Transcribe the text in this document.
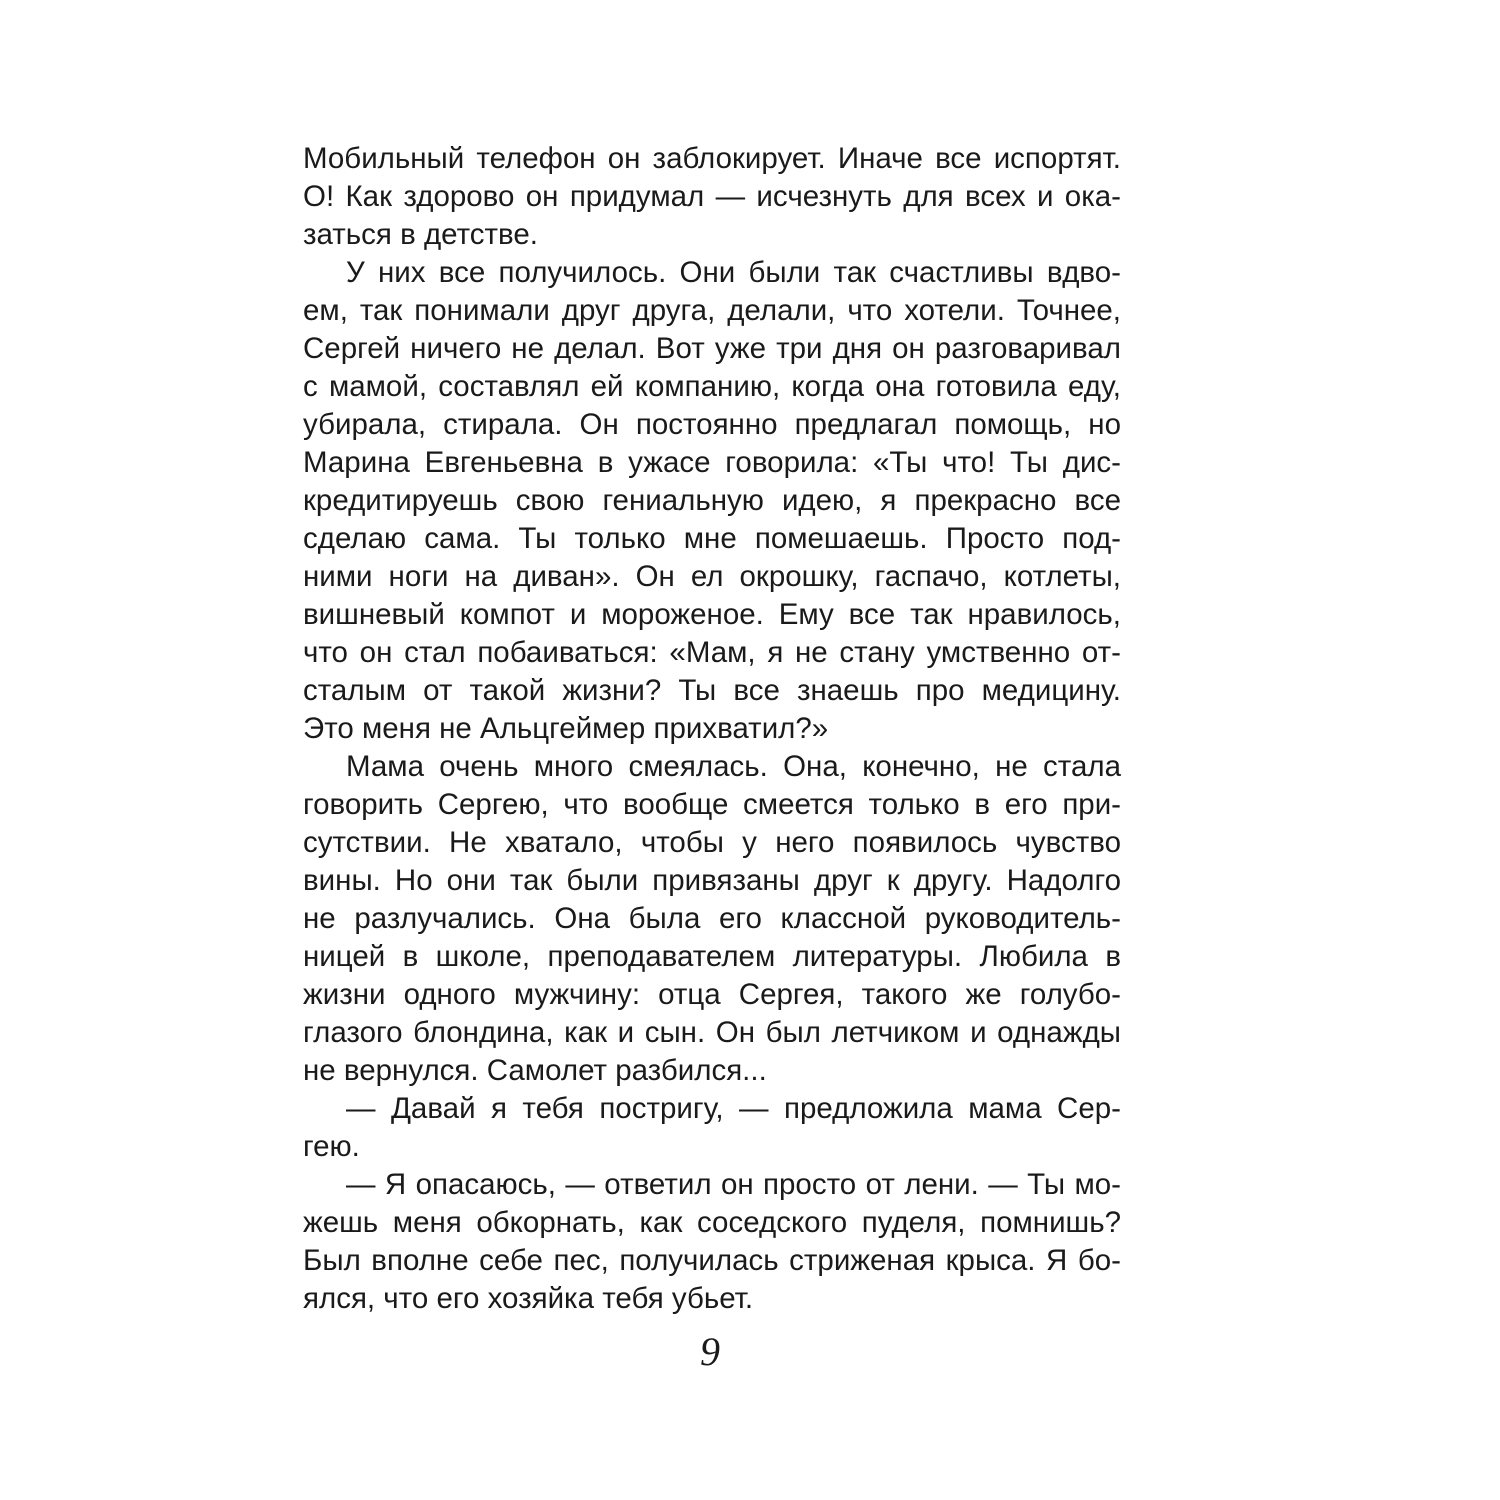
Мобильный телефон он заблокирует. Иначе все испортят.
О! Как здорово он придумал — исчезнуть для всех и ока-
заться в детстве.
У них все получилось. Они были так счастливы вдво-
ем, так понимали друг друга, делали, что хотели. Точнее,
Сергей ничего не делал. Вот уже три дня он разговаривал
с мамой, составлял ей компанию, когда она готовила еду,
убирала, стирала. Он постоянно предлагал помощь, но
Марина Евгеньевна в ужасе говорила: «Ты что! Ты дис-
кредитируешь свою гениальную идею, я прекрасно все
сделаю сама. Ты только мне помешаешь. Просто под-
ними ноги на диван». Он ел окрошку, гаспачо, котлеты,
вишневый компот и мороженое. Ему все так нравилось,
что он стал побаиваться: «Мам, я не стану умственно от-
сталым от такой жизни? Ты все знаешь про медицину.
Это меня не Альцгеймер прихватил?»
Мама очень много смеялась. Она, конечно, не стала
говорить Сергею, что вообще смеется только в его при-
сутствии. Не хватало, чтобы у него появилось чувство
вины. Но они так были привязаны друг к другу. Надолго
не разлучались. Она была его классной руководитель-
ницей в школе, преподавателем литературы. Любила в
жизни одного мужчину: отца Сергея, такого же голубо-
глазого блондина, как и сын. Он был летчиком и однажды
не вернулся. Самолет разбился...
— Давай я тебя постригу, — предложила мама Сер-
гею.
— Я опасаюсь, — ответил он просто от лени. — Ты мо-
жешь меня обкорнать, как соседского пуделя, помнишь?
Был вполне себе пес, получилась стриженая крыса. Я бо-
ялся, что его хозяйка тебя убьет.
9
